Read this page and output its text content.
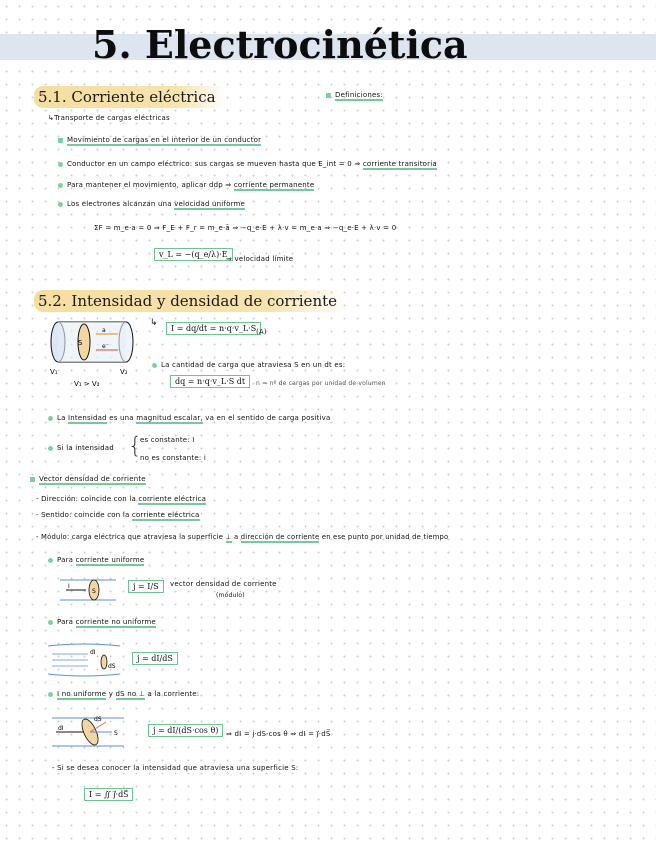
5. Electrocinética
5.1. Corriente eléctrica	Definiciones:
↳Transporte de cargas eléctricas
Movimiento de cargas en el interior de un conductor
Conductor en un campo eléctrico: sus cargas se mueven hasta que E_int = 0 ⇒ corriente transitoria
Para mantener el movimiento, aplicar ddp ⇒ corriente permanente
Los electrones alcanzan una velocidad uniforme
ΣF = m_e·a = 0 ⇒ F_E + F_r = m_e·ā ⇒ −q_e·E + λ·v = m_e·a ⇒ −q_e·E + λ·v = 0
v_L = −(q_e/λ)·E
⇒ velocidad límite
5.2. Intensidad y densidad de corriente
S
a
e⁻
V₁	V₂
V₁ > V₂
↳
I = dq/dt = n·q·v_L·S (A)
La cantidad de carga que atraviesa S en un dt es:
dq = n·q·v_L·S dt	n = nº de cargas por unidad de volumen
La Intensidad es una magnitud escalar, va en el sentido de carga positiva
Si la intensidad {
es constante: I
no es constante: i
Vector densidad de corriente
- Dirección: coincide con la corriente eléctrica
- Sentido: coincide con la corriente eléctrica
- Módulo: carga eléctrica que atraviesa la superficie ⊥ a dirección de corriente en ese punto por unidad de tiempo
Para corriente uniforme
I
S
j = I/S	vector densidad de corriente
(módulo)
Para corriente no uniforme
dI
dS
j = dI/dS
I no uniforme y dS no ⊥ a la corriente:
dI
dS
S	j = dI/(dS·cos θ)	⇒ dI = j·dS·cos θ ⇒ dI = j⃗·dS⃗
- Si se desea conocer la intensidad que atraviesa una superficie S:
I = ∬ j⃗·dS⃗
